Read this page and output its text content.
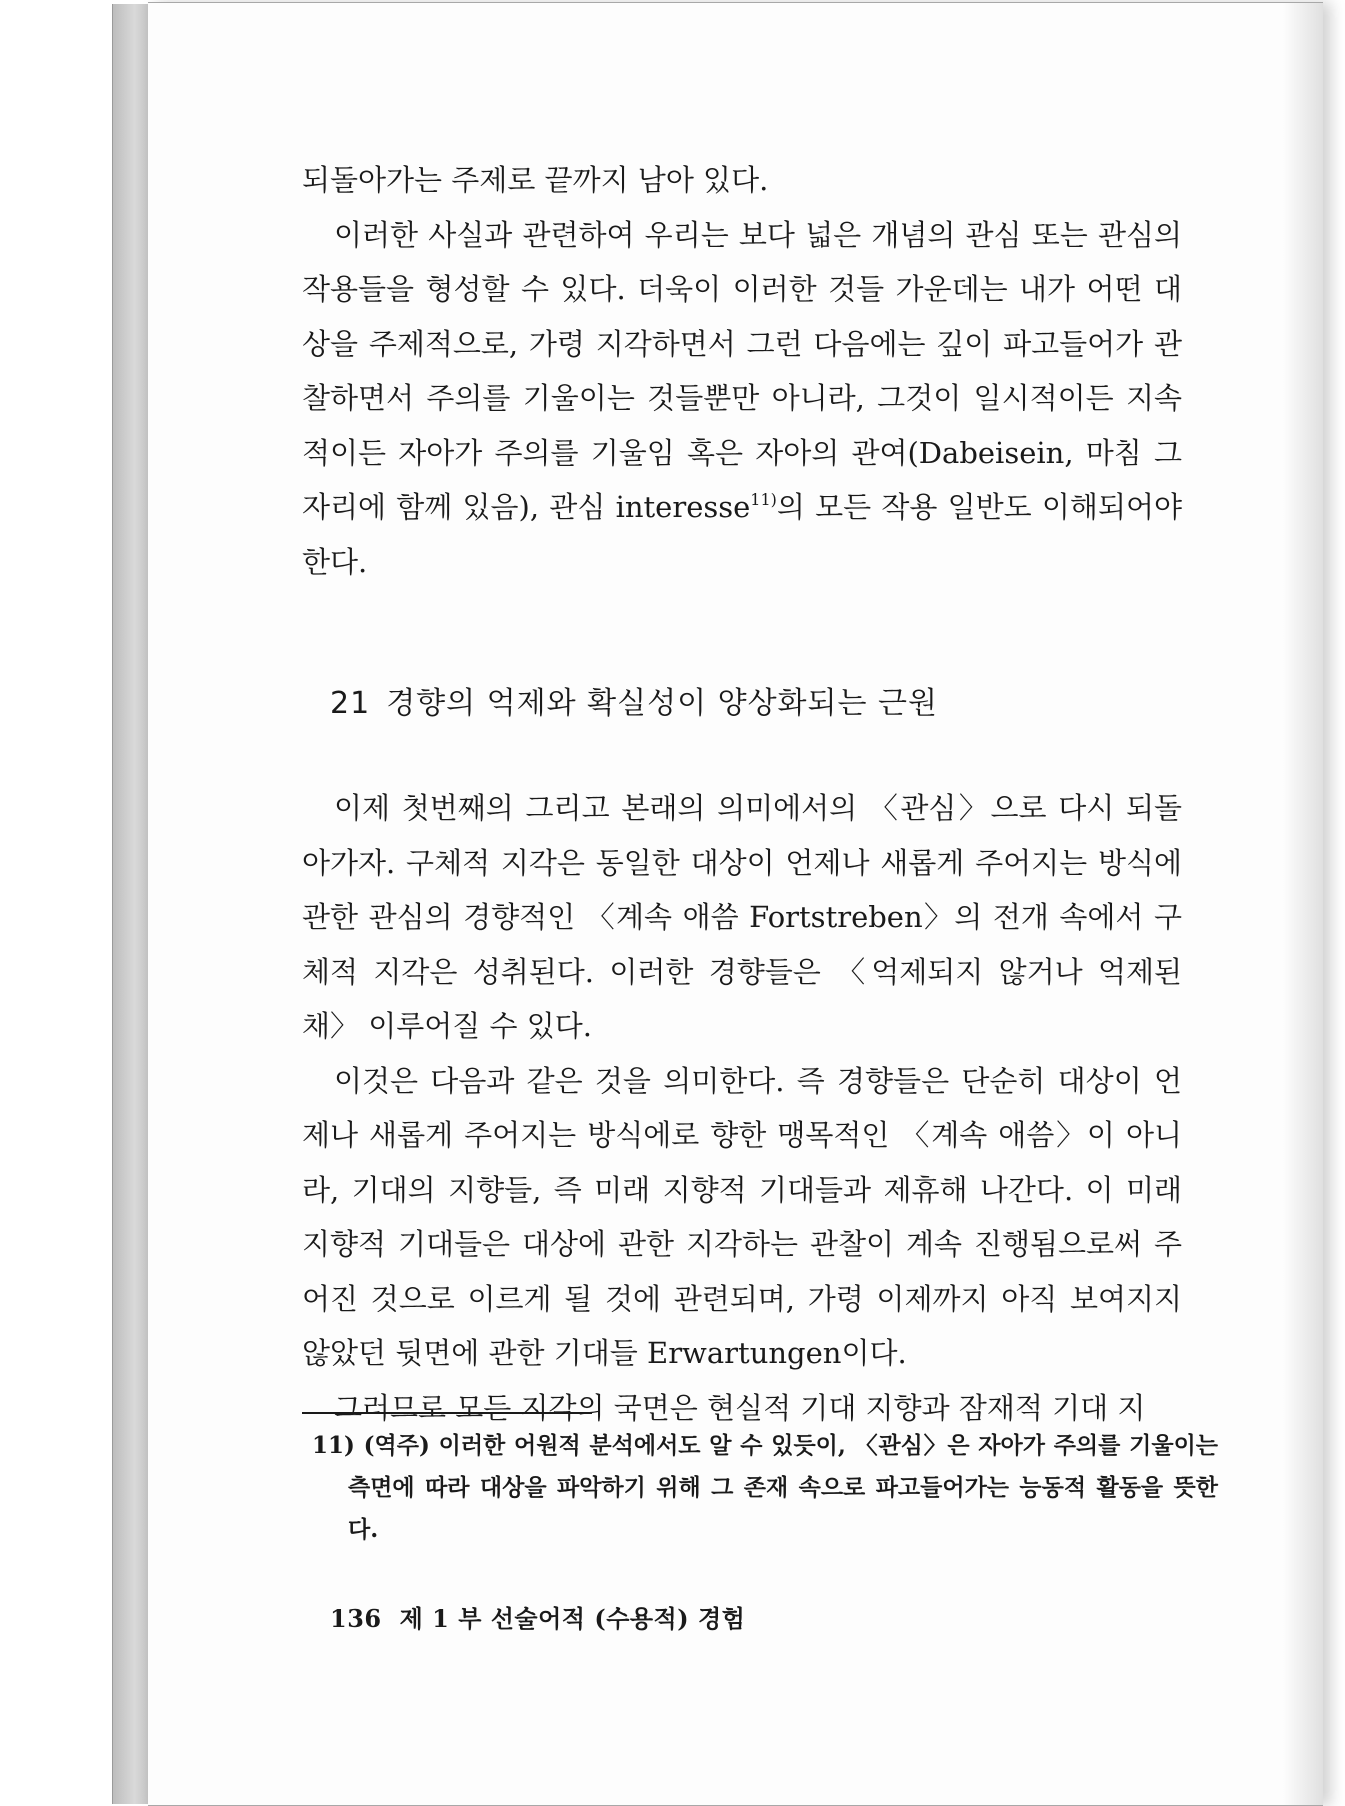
되돌아가는 주제로 끝까지 남아 있다.

이러한 사실과 관련하여 우리는 보다 넓은 개념의 관심 또는 관심의 작용들을 형성할 수 있다. 더욱이 이러한 것들 가운데는 내가 어떤 대상을 주제적으로, 가령 지각하면서 그런 다음에는 깊이 파고들어가 관찰하면서 주의를 기울이는 것들뿐만 아니라, 그것이 일시적이든 지속적이든 자아가 주의를 기울임 혹은 자아의 관여(Dabeisein, 마침 그 자리에 함께 있음), 관심 interesse$^{11)}$의 모든 작용 일반도 이해되어야 한다.

21 경향의 억제와 확실성이 양상화되는 근원

이제 첫번째의 그리고 본래의 의미에서의 〈관심〉으로 다시 되돌아가자. 구체적 지각은 동일한 대상이 언제나 새롭게 주어지는 방식에 관한 관심의 경향적인 〈계속 애씀 Fortstreben〉의 전개 속에서 구체적 지각은 성취된다. 이러한 경향들은 〈억제되지 않거나 억제된 채〉 이루어질 수 있다.

이것은 다음과 같은 것을 의미한다. 즉 경향들은 단순히 대상이 언제나 새롭게 주어지는 방식에로 향한 맹목적인 〈계속 애씀〉이 아니라, 기대의 지향들, 즉 미래 지향적 기대들과 제휴해 나간다. 이 미래 지향적 기대들은 대상에 관한 지각하는 관찰이 계속 진행됨으로써 주어진 것으로 이르게 될 것에 관련되며, 가령 이제까지 아직 보여지지 않았던 뒷면에 관한 기대들 Erwartungen이다.

그러므로 모든 지각의 국면은 현실적 기대 지향과 잠재적 기대 지

11) (역주) 이러한 어원적 분석에서도 알 수 있듯이, 〈관심〉은 자아가 주의를 기울이는 측면에 따라 대상을 파악하기 위해 그 존재 속으로 파고들어가는 능동적 활동을 뜻한다.
136 제 1 부 선술어적 (수용적) 경험
